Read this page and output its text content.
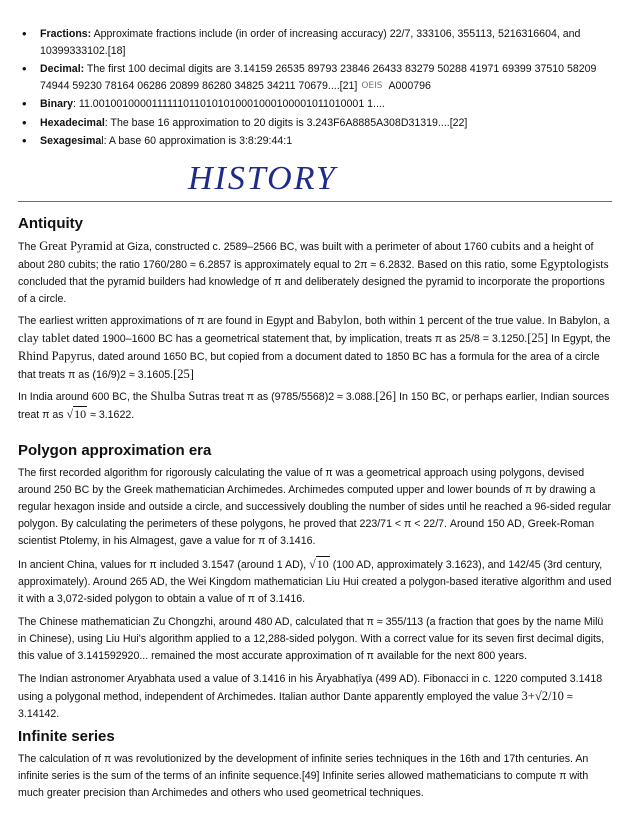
• Fractions: Approximate fractions include (in order of increasing accuracy) 22/7, 333106, 355113, 5216316604, and 10399333102.[18]
• Decimal: The first 100 decimal digits are 3.14159 26535 89793 23846 26433 83279 50288 41971 69399 37510 58209 74944 59230 78164 06286 20899 86280 34825 34211 70679....[21] OEIS A000796
• Binary: 11.00100100001111110110101010001000100001011010001 1....
• Hexadecimal: The base 16 approximation to 20 digits is 3.243F6A8885A308D31319....[22]
• Sexagesimal: A base 60 approximation is 3:8:29:44:1
HISTORY
Antiquity

The Great Pyramid at Giza, constructed c. 2589–2566 BC, was built with a perimeter of about 1760 cubits and a height of about 280 cubits; the ratio 1760/280 ≈ 6.2857 is approximately equal to 2π ≈ 6.2832. Based on this ratio, some Egyptologists concluded that the pyramid builders had knowledge of π and deliberately designed the pyramid to incorporate the proportions of a circle.

The earliest written approximations of π are found in Egypt and Babylon, both within 1 percent of the true value. In Babylon, a clay tablet dated 1900–1600 BC has a geometrical statement that, by implication, treats π as 25/8 = 3.1250.[25] In Egypt, the Rhind Papyrus, dated around 1650 BC, but copied from a document dated to 1850 BC has a formula for the area of a circle that treats π as (16/9)2 ≈ 3.1605.[25]

In India around 600 BC, the Shulba Sutras treat π as (9785/5568)2 ≈ 3.088.[26] In 150 BC, or perhaps earlier, Indian sources treat π as √10 ≈ 3.1622.

Polygon approximation era

The first recorded algorithm for rigorously calculating the value of π was a geometrical approach using polygons, devised around 250 BC by the Greek mathematician Archimedes. Archimedes computed upper and lower bounds of π by drawing a regular hexagon inside and outside a circle, and successively doubling the number of sides until he reached a 96-sided regular polygon. By calculating the perimeters of these polygons, he proved that 223/71 < π < 22/7. Around 150 AD, Greek-Roman scientist Ptolemy, in his Almagest, gave a value for π of 3.1416.

In ancient China, values for π included 3.1547 (around 1 AD), √10 (100 AD, approximately 3.1623), and 142/45 (3rd century, approximately). Around 265 AD, the Wei Kingdom mathematician Liu Hui created a polygon-based iterative algorithm and used it with a 3,072-sided polygon to obtain a value of π of 3.1416.

The Chinese mathematician Zu Chongzhi, around 480 AD, calculated that π ≈ 355/113 (a fraction that goes by the name Milü in Chinese), using Liu Hui's algorithm applied to a 12,288-sided polygon. With a correct value for its seven first decimal digits, this value of 3.141592920... remained the most accurate approximation of π available for the next 800 years.

The Indian astronomer Aryabhata used a value of 3.1416 in his Āryabhaṭīya (499 AD). Fibonacci in c. 1220 computed 3.1418 using a polygonal method, independent of Archimedes. Italian author Dante apparently employed the value 3+√2/10 ≈ 3.14142.

Infinite series

The calculation of π was revolutionized by the development of infinite series techniques in the 16th and 17th centuries. An infinite series is the sum of the terms of an infinite sequence.[49] Infinite series allowed mathematicians to compute π with much greater precision than Archimedes and others who used geometrical techniques.
